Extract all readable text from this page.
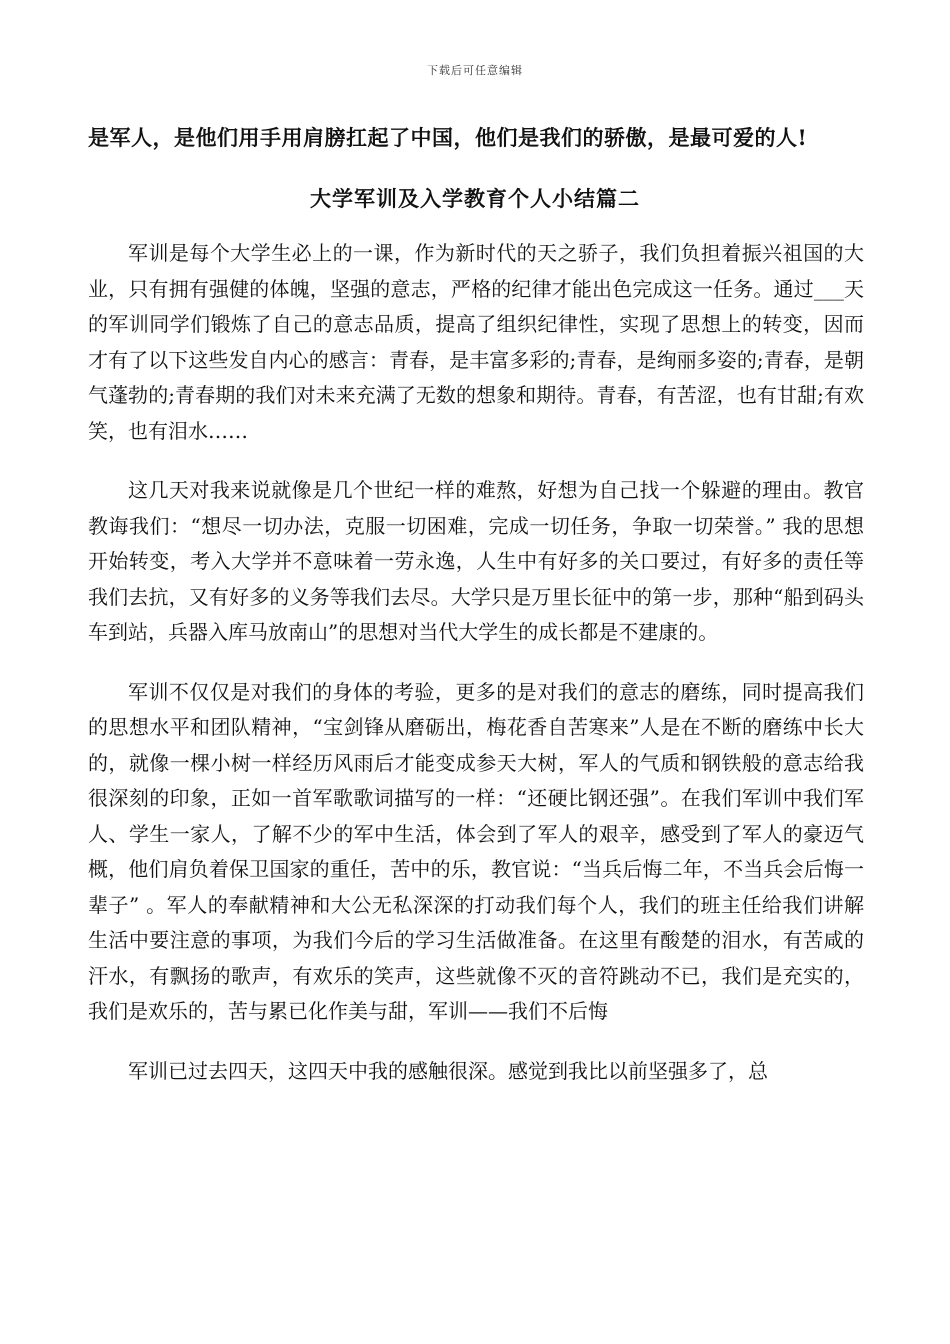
下载后可任意编辑
是军人，是他们用手用肩膀扛起了中国，他们是我们的骄傲，是最可爱的人!
大学军训及入学教育个人小结篇二

军训是每个大学生必上的一课，作为新时代的天之骄子，我们负担着振兴祖国的大业，只有拥有强健的体魄，坚强的意志，严格的纪律才能出色完成这一任务。通过___天的军训同学们锻炼了自己的意志品质，提高了组织纪律性，实现了思想上的转变，因而才有了以下这些发自内心的感言：青春，是丰富多彩的;青春，是绚丽多姿的;青春，是朝气蓬勃的;青春期的我们对未来充满了无数的想象和期待。青春，有苦涩，也有甘甜;有欢笑，也有泪水……

这几天对我来说就像是几个世纪一样的难熬，好想为自己找一个躲避的理由。教官教诲我们：“想尽一切办法，克服一切困难，完成一切任务，争取一切荣誉。” 我的思想开始转变，考入大学并不意味着一劳永逸，人生中有好多的关口要过，有好多的责任等我们去抗，又有好多的义务等我们去尽。大学只是万里长征中的第一步，那种“船到码头车到站，兵器入库马放南山”的思想对当代大学生的成长都是不建康的。

军训不仅仅是对我们的身体的考验，更多的是对我们的意志的磨练，同时提高我们的思想水平和团队精神，“宝剑锋从磨砺出，梅花香自苦寒来”人是在不断的磨练中长大的，就像一棵小树一样经历风雨后才能变成参天大树，军人的气质和钢铁般的意志给我很深刻的印象，正如一首军歌歌词描写的一样：“还硬比钢还强”。在我们军训中我们军人、学生一家人，了解不少的军中生活，体会到了军人的艰辛，感受到了军人的豪迈气概，他们肩负着保卫国家的重任，苦中的乐，教官说：“当兵后悔二年，不当兵会后悔一辈子” 。军人的奉献精神和大公无私深深的打动我们每个人，我们的班主任给我们讲解生活中要注意的事项，为我们今后的学习生活做准备。在这里有酸楚的泪水，有苦咸的汗水，有飘扬的歌声，有欢乐的笑声，这些就像不灭的音符跳动不已，我们是充实的，我们是欢乐的，苦与累已化作美与甜，军训——我们不后悔

军训已过去四天，这四天中我的感触很深。感觉到我比以前坚强多了，总
